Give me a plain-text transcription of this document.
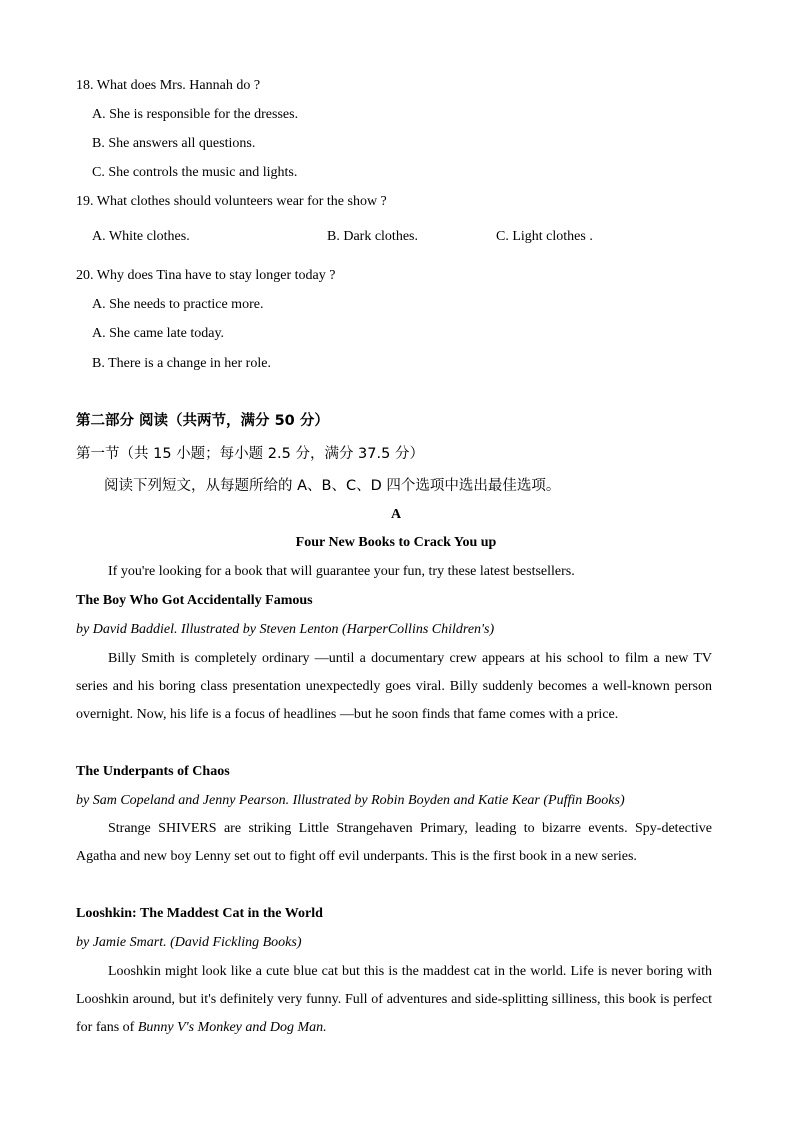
18. What does Mrs. Hannah do ?
A. She is responsible for the dresses.
B. She answers all questions.
C. She controls the music and lights.
19. What clothes should volunteers wear for the show ?
A. White clothes.	B. Dark clothes.	C. Light clothes .
20. Why does Tina have to stay longer today ?
A. She needs to practice more.
A. She came late today.
B. There is a change in her role.
第二部分 阅读（共两节，满分 50 分）
第一节（共 15 小题；每小题 2.5 分，满分 37.5 分）
阅读下列短文，从每题所给的 A、B、C、D 四个选项中选出最佳选项。
A
Four New Books to Crack You up
If you're looking for a book that will guarantee your fun, try these latest bestsellers.
The Boy Who Got Accidentally Famous
by David Baddiel. Illustrated by Steven Lenton (HarperCollins Children's)
Billy Smith is completely ordinary —until a documentary crew appears at his school to film a new TV series and his boring class presentation unexpectedly goes viral. Billy suddenly becomes a well-known person overnight. Now, his life is a focus of headlines —but he soon finds that fame comes with a price.
The Underpants of Chaos
by Sam Copeland and Jenny Pearson. Illustrated by Robin Boyden and Katie Kear (Puffin Books)
Strange SHIVERS are striking Little Strangehaven Primary, leading to bizarre events. Spy-detective Agatha and new boy Lenny set out to fight off evil underpants. This is the first book in a new series.
Looshkin: The Maddest Cat in the World
by Jamie Smart. (David Fickling Books)
Looshkin might look like a cute blue cat but this is the maddest cat in the world. Life is never boring with Looshkin around, but it's definitely very funny. Full of adventures and side-splitting silliness, this book is perfect for fans of Bunny V's Monkey and Dog Man.
